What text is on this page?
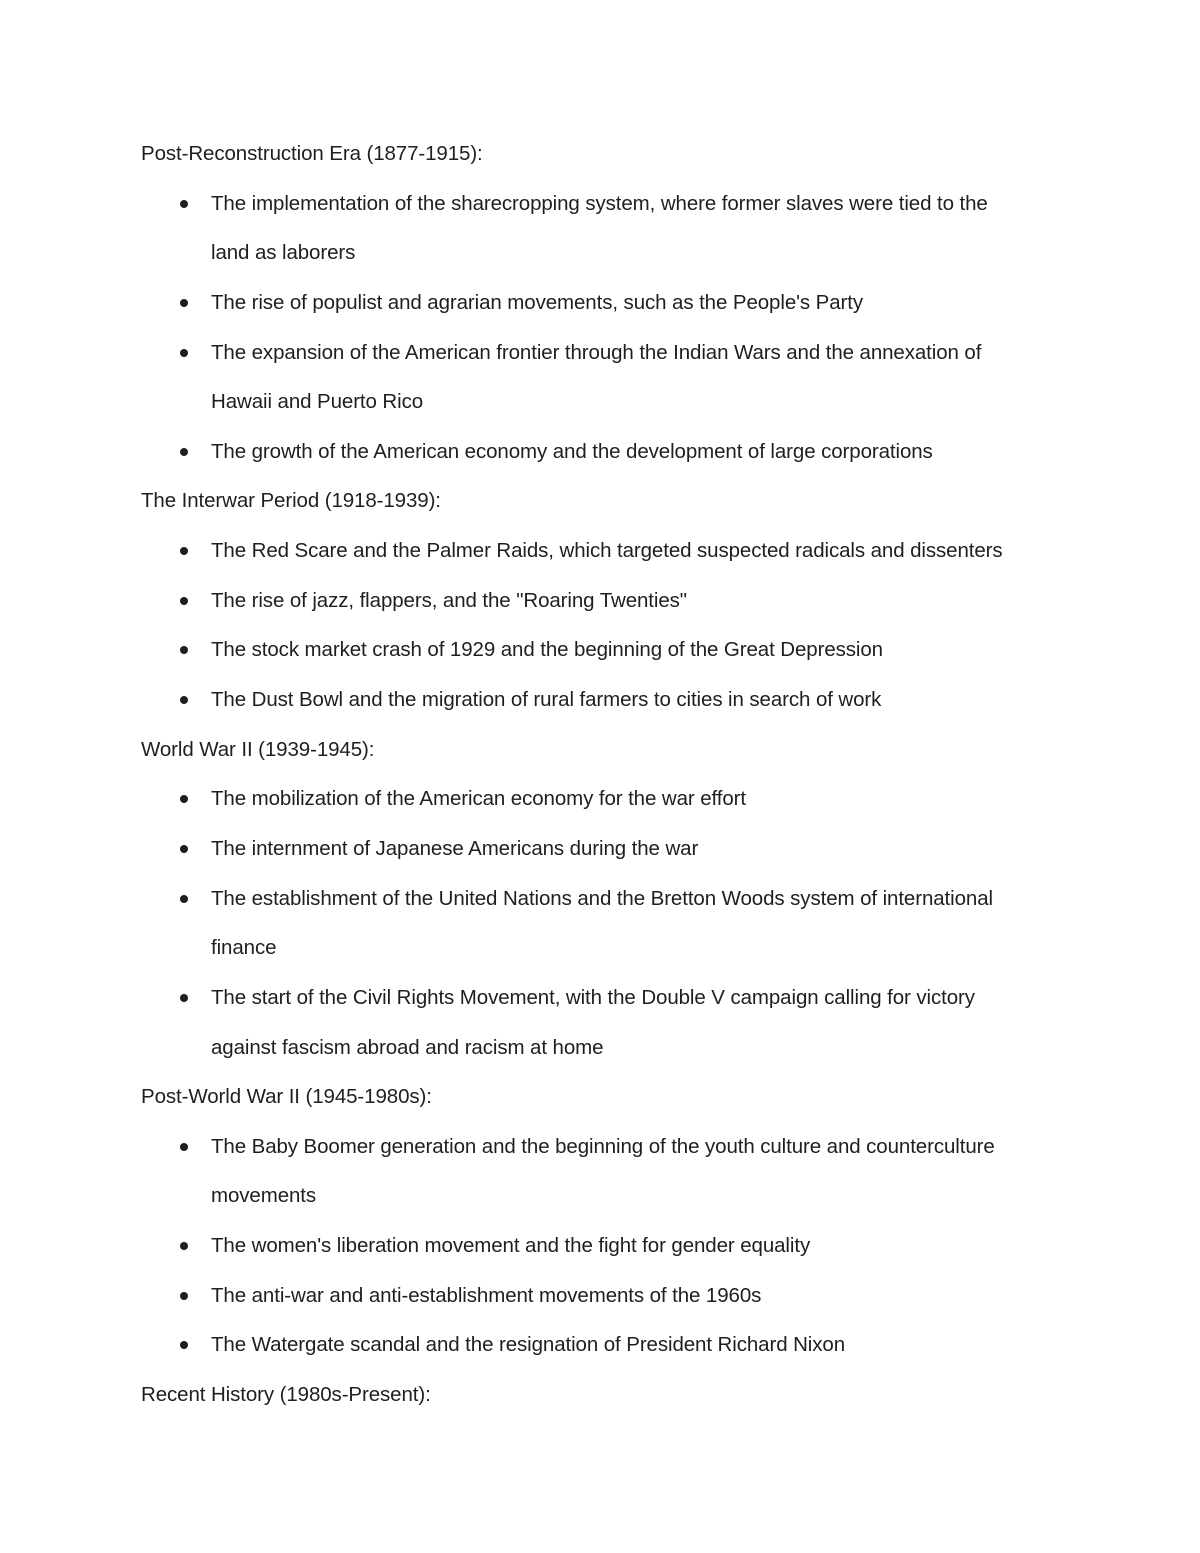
Post-Reconstruction Era (1877-1915):
The implementation of the sharecropping system, where former slaves were tied to the
land as laborers
The rise of populist and agrarian movements, such as the People's Party
The expansion of the American frontier through the Indian Wars and the annexation of
Hawaii and Puerto Rico
The growth of the American economy and the development of large corporations
The Interwar Period (1918-1939):
The Red Scare and the Palmer Raids, which targeted suspected radicals and dissenters
The rise of jazz, flappers, and the "Roaring Twenties"
The stock market crash of 1929 and the beginning of the Great Depression
The Dust Bowl and the migration of rural farmers to cities in search of work
World War II (1939-1945):
The mobilization of the American economy for the war effort
The internment of Japanese Americans during the war
The establishment of the United Nations and the Bretton Woods system of international
finance
The start of the Civil Rights Movement, with the Double V campaign calling for victory
against fascism abroad and racism at home
Post-World War II (1945-1980s):
The Baby Boomer generation and the beginning of the youth culture and counterculture
movements
The women's liberation movement and the fight for gender equality
The anti-war and anti-establishment movements of the 1960s
The Watergate scandal and the resignation of President Richard Nixon
Recent History (1980s-Present):
